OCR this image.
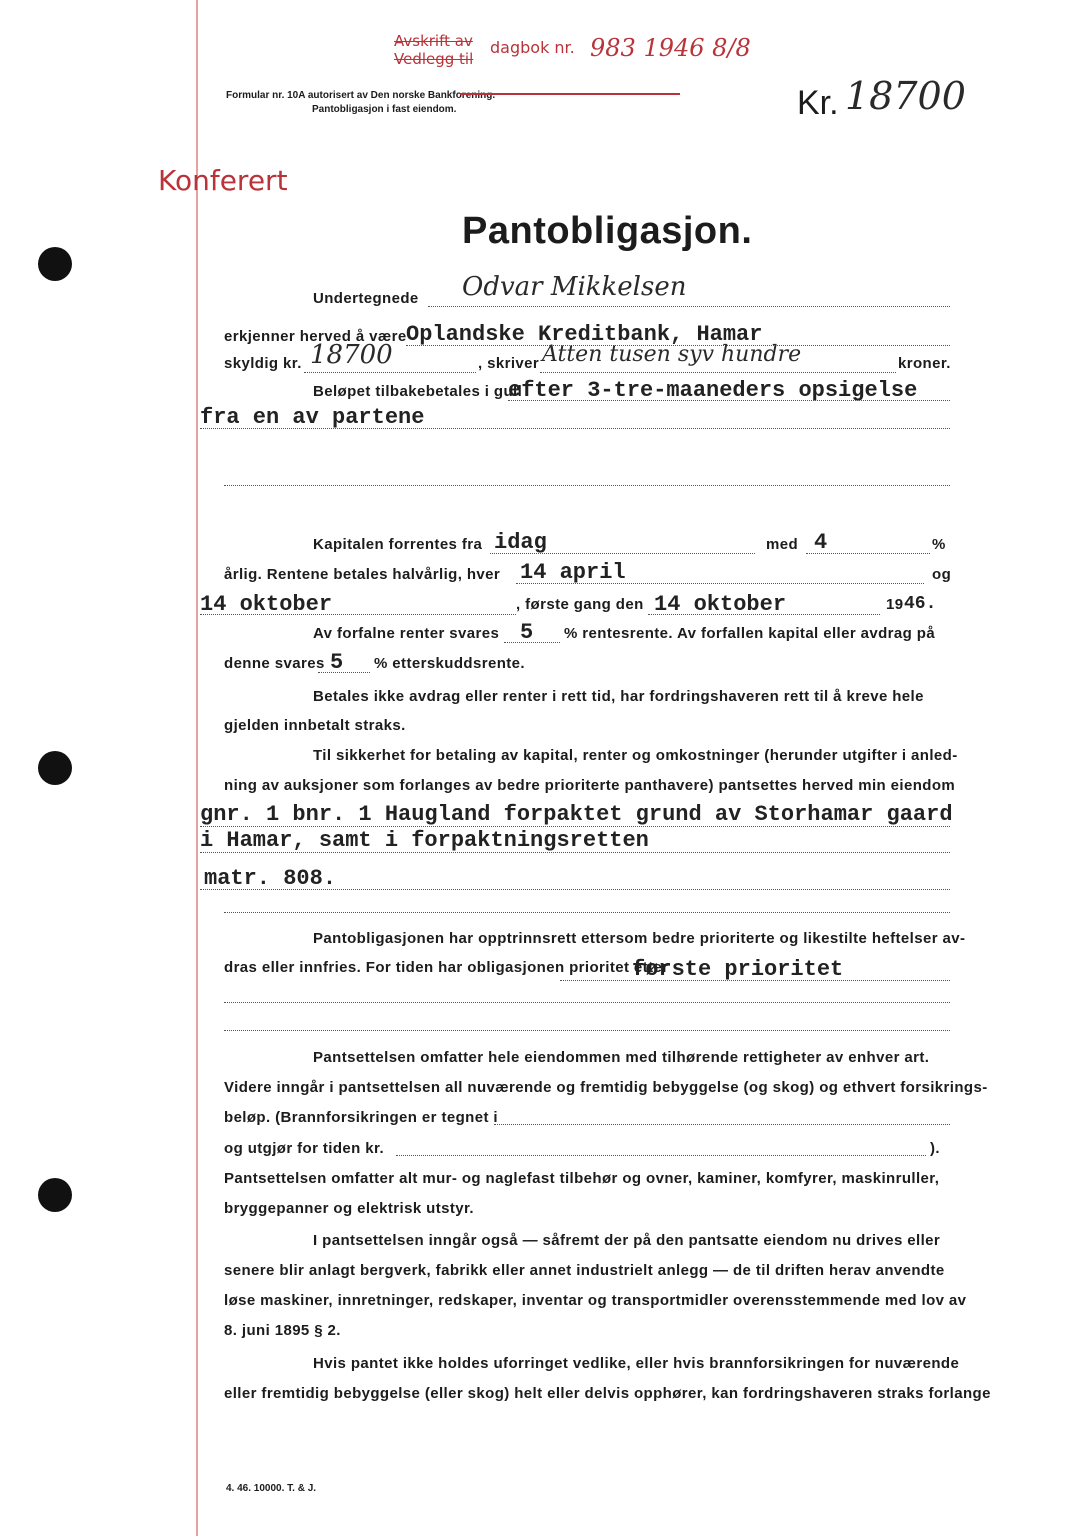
Avskrift av
Vedlegg til
dagbok nr. 983 1946 8/8
Formular nr. 10A autorisert av Den norske Bankforening.
Pantobligasjon i fast eiendom.	Kr. 18700
Konferert
Pantobligasjon.
Undertegnede Odvar Mikkelsen
erkjenner herved å være Oplandske Kreditbank, Hamar
skyldig kr. 18700	, skriver Atten tusen syv hundre	kroner.
Beløpet tilbakebetales i gull
efter 3-tre-maaneders opsigelse
fra en av partene
Kapitalen forrentes fra idag	med 4	%
årlig. Rentene betales halvårlig, hver 14 april	og
14 oktober	, første gang den 14 oktober	19 46.
Av forfalne renter svares 5 % rentesrente. Av forfallen kapital eller avdrag på
denne svares 5 % etterskuddsrente.
Betales ikke avdrag eller renter i rett tid, har fordringshaveren rett til å kreve hele
gjelden innbetalt straks.
Til sikkerhet for betaling av kapital, renter og omkostninger (herunder utgifter i anled-
ning av auksjoner som forlanges av bedre prioriterte panthavere) pantsettes herved min eiendom
gnr. 1 bnr. 1 Haugland forpaktet grund av Storhamar gaard
i Hamar, samt i forpaktningsretten
matr. 808.
Pantobligasjonen har opptrinnsrett ettersom bedre prioriterte og likestilte heftelser av-
dras eller innfries. For tiden har obligasjonen prioritet etter
første prioritet
Pantsettelsen omfatter hele eiendommen med tilhørende rettigheter av enhver art.
Videre inngår i pantsettelsen all nuværende og fremtidig bebyggelse (og skog) og ethvert forsikrings-
beløp. (Brannforsikringen er tegnet i
og utgjør for tiden kr.	).
Pantsettelsen omfatter alt mur- og naglefast tilbehør og ovner, kaminer, komfyrer, maskinruller,
bryggepanner og elektrisk utstyr.
I pantsettelsen inngår også — såfremt der på den pantsatte eiendom nu drives eller
senere blir anlagt bergverk, fabrikk eller annet industrielt anlegg — de til driften herav anvendte
løse maskiner, innretninger, redskaper, inventar og transportmidler overensstemmende med lov av
8. juni 1895 § 2.
Hvis pantet ikke holdes uforringet vedlike, eller hvis brannforsikringen for nuværende
eller fremtidig bebyggelse (eller skog) helt eller delvis opphører, kan fordringshaveren straks forlange
4. 46. 10000. T. & J.
